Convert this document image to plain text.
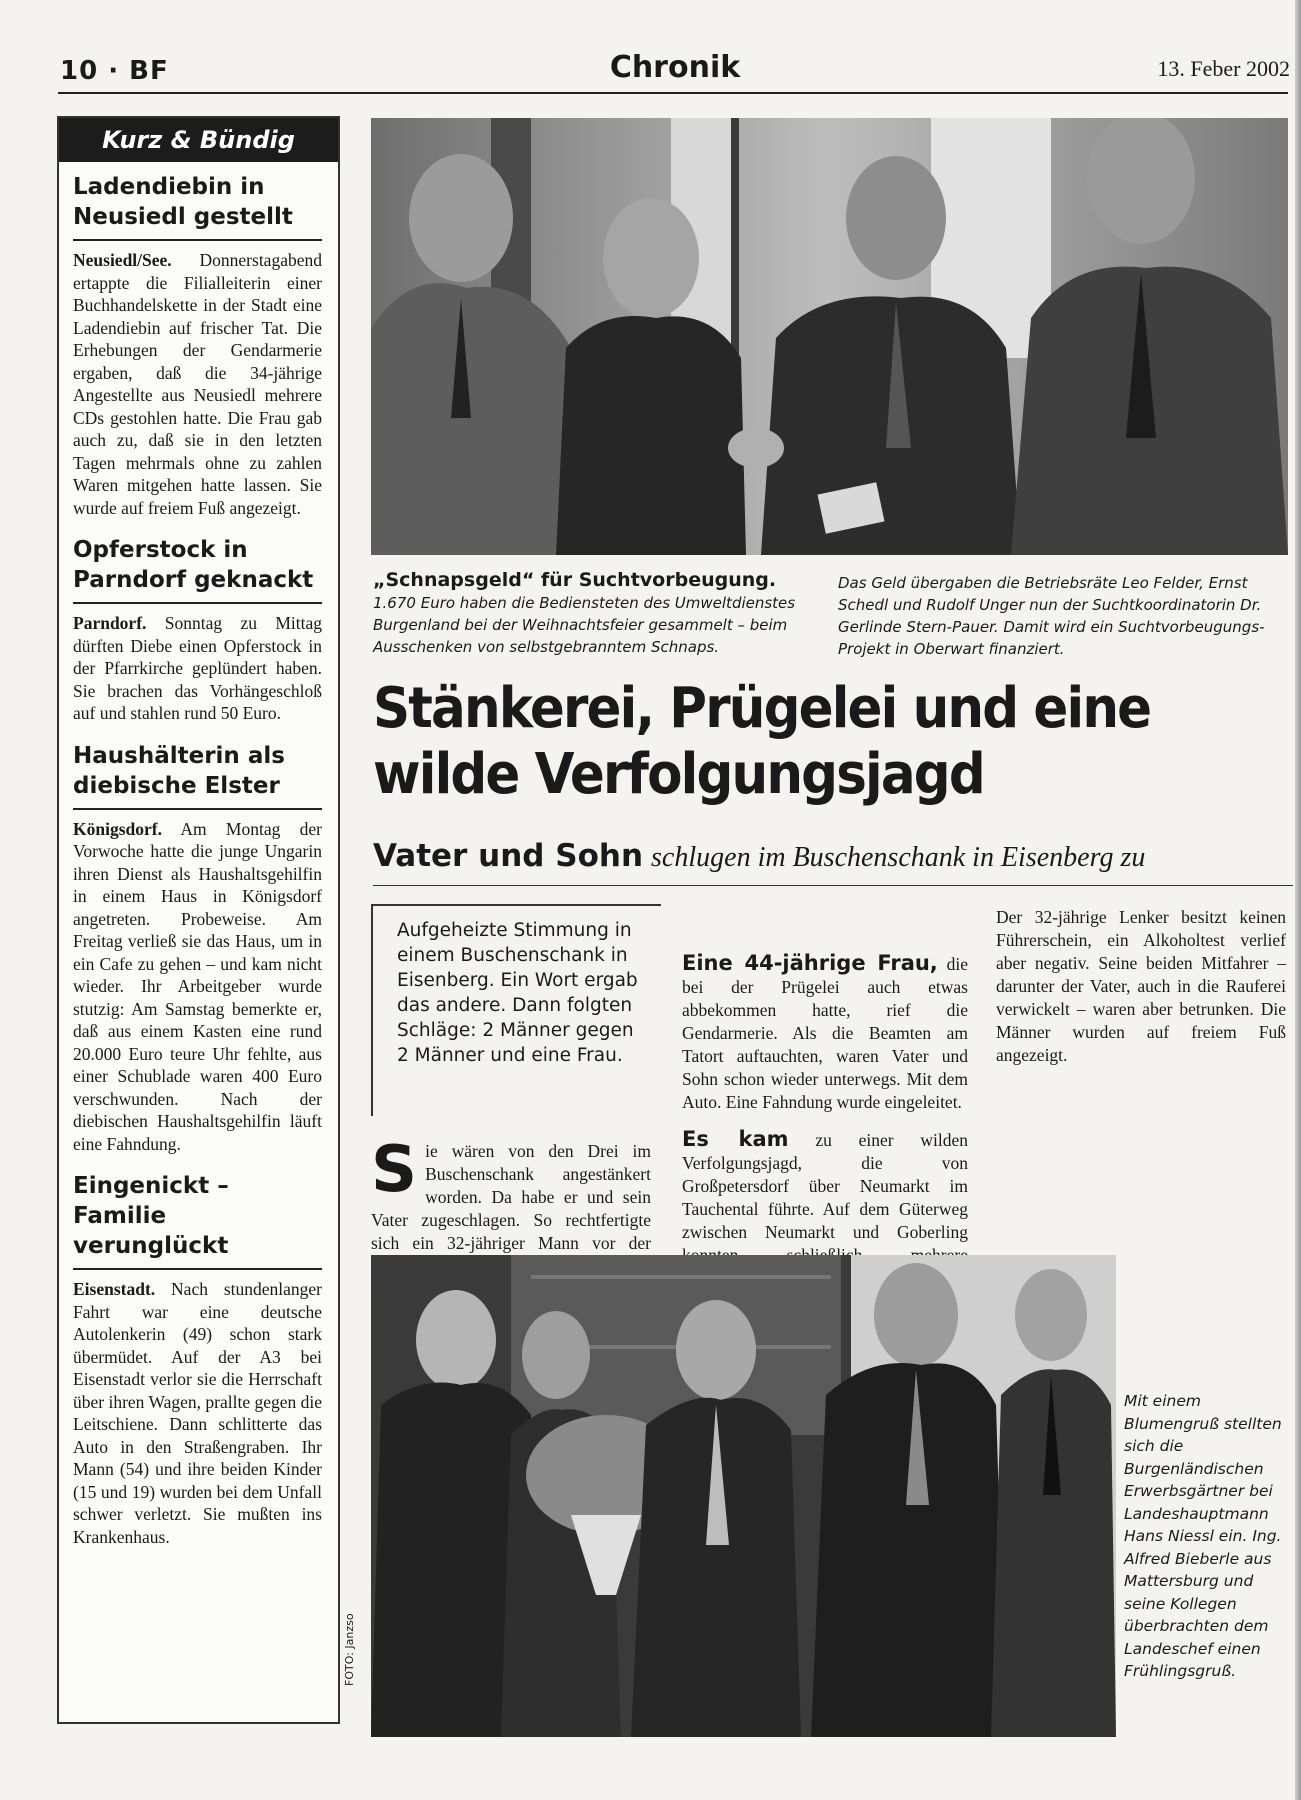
10 · BF	Chronik	13. Feber 2002
Kurz & Bündig
Ladendiebin in Neusiedl gestellt

Neusiedl/See. Donnerstagabend ertappte die Filialleiterin einer Buchhandelskette in der Stadt eine Ladendiebin auf frischer Tat. Die Erhebungen der Gendarmerie ergaben, daß die 34-jährige Angestellte aus Neusiedl mehrere CDs gestohlen hatte. Die Frau gab auch zu, daß sie in den letzten Tagen mehrmals ohne zu zahlen Waren mitgehen hatte lassen. Sie wurde auf freiem Fuß angezeigt.

Opferstock in Parndorf geknackt

Parndorf. Sonntag zu Mittag dürften Diebe einen Opferstock in der Pfarrkirche geplündert haben. Sie brachen das Vorhängeschloß auf und stahlen rund 50 Euro.

Haushälterin als diebische Elster

Königsdorf. Am Montag der Vorwoche hatte die junge Ungarin ihren Dienst als Haushaltsgehilfin in einem Haus in Königsdorf angetreten. Probeweise. Am Freitag verließ sie das Haus, um in ein Cafe zu gehen – und kam nicht wieder. Ihr Arbeitgeber wurde stutzig: Am Samstag bemerkte er, daß aus einem Kasten eine rund 20.000 Euro teure Uhr fehlte, aus einer Schublade waren 400 Euro verschwunden. Nach der diebischen Haushaltsgehilfin läuft eine Fahndung.

Eingenickt – Familie verunglückt

Eisenstadt. Nach stundenlanger Fahrt war eine deutsche Autolenkerin (49) schon stark übermüdet. Auf der A3 bei Eisenstadt verlor sie die Herrschaft über ihren Wagen, prallte gegen die Leitschiene. Dann schlitterte das Auto in den Straßengraben. Ihr Mann (54) und ihre beiden Kinder (15 und 19) wurden bei dem Unfall schwer verletzt. Sie mußten ins Krankenhaus.

„Schnapsgeld“ für Suchtvorbeugung.
1.670 Euro haben die Bediensteten des Umweltdienstes Burgenland bei der Weihnachtsfeier gesammelt – beim Ausschenken von selbstgebranntem Schnaps.
Das Geld übergaben die Betriebsräte Leo Felder, Ernst Schedl und Rudolf Unger nun der Suchtkoordinatorin Dr. Gerlinde Stern-Pauer. Damit wird ein Suchtvorbeugungs-Projekt in Oberwart finanziert.
Stänkerei, Prügelei und eine wilde Verfolgungsjagd
Vater und Sohn schlugen im Buschenschank in Eisenberg zu
Aufgeheizte Stimmung in einem Buschenschank in Eisenberg. Ein Wort ergab das andere. Dann folgten Schläge: 2 Männer gegen 2 Männer und eine Frau.

Sie wären von den Drei im Buschenschank angestänkert worden. Da habe er und sein Vater zugeschlagen. So rechtfertigte sich ein 32-jähriger Mann vor der

Eine 44-jährige Frau, die bei der Prügelei auch etwas abbekommen hatte, rief die Gendarmerie. Als die Beamten am Tatort auftauchten, waren Vater und Sohn schon wieder unterwegs. Mit dem Auto. Eine Fahndung wurde eingeleitet.

Es kam zu einer wilden Verfolgungsjagd, die von Großpetersdorf über Neumarkt im Tauchental führte. Auf dem Güterweg zwischen Neumarkt und Goberling

Der 32-jährige Lenker besitzt keinen Führerschein, ein Alkoholtest verlief aber negativ. Seine beiden Mitfahrer – darunter der Vater, auch in die Rauferei verwickelt – waren aber betrunken. Die Männer wurden auf freiem Fuß angezeigt.

FOTO: Janzso
Mit einem Blumengruß stellten sich die Burgenländischen Erwerbsgärtner bei Landeshauptmann Hans Niessl ein. Ing. Alfred Bieberle aus Mattersburg und seine Kollegen überbrachten dem Landeschef einen Frühlingsgruß.
